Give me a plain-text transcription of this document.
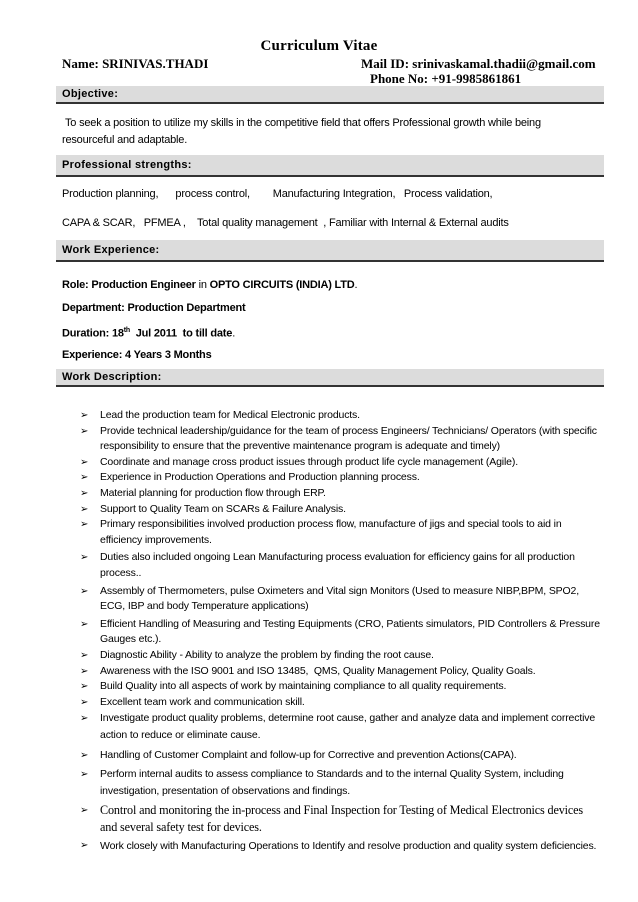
Curriculum Vitae
Name: SRINIVAS.THADI	Mail ID: srinivaskamal.thadii@gmail.com
Phone No: +91-9985861861
Objective:
To seek a position to utilize my skills in the competitive field that offers Professional growth while being
resourceful and adaptable.
Professional strengths:
Production planning,      process control,        Manufacturing Integration,   Process validation,
CAPA & SCAR,   PFMEA ,    Total quality management  , Familiar with Internal & External audits
Work Experience:
Role: Production Engineer in OPTO CIRCUITS (INDIA) LTD.
Department: Production Department
Duration: 18th  Jul 2011  to till date.
Experience: 4 Years 3 Months
Work Description:
➢ Lead the production team for Medical Electronic products.
➢ Provide technical leadership/guidance for the team of process Engineers/ Technicians/ Operators (with specific responsibility to ensure that the preventive maintenance program is adequate and timely)
➢ Coordinate and manage cross product issues through product life cycle management (Agile).
➢ Experience in Production Operations and Production planning process.
➢ Material planning for production flow through ERP.
➢ Support to Quality Team on SCARs & Failure Analysis.
➢ Primary responsibilities involved production process flow, manufacture of jigs and special tools to aid in efficiency improvements.
➢ Duties also included ongoing Lean Manufacturing process evaluation for efficiency gains for all production   process..
➢ Assembly of Thermometers, pulse Oximeters and Vital sign Monitors (Used to measure NIBP,BPM, SPO2, ECG, IBP and body Temperature applications)
➢ Efficient Handling of Measuring and Testing Equipments (CRO, Patients simulators, PID Controllers & Pressure Gauges etc.).
➢ Diagnostic Ability - Ability to analyze the problem by finding the root cause.
➢ Awareness with the ISO 9001 and ISO 13485,  QMS, Quality Management Policy, Quality Goals.
➢ Build Quality into all aspects of work by maintaining compliance to all quality requirements.
➢ Excellent team work and communication skill.
➢ Investigate product quality problems, determine root cause, gather and analyze data and implement corrective action to reduce or eliminate cause.
➢ Handling of Customer Complaint and follow-up for Corrective and prevention Actions(CAPA).
➢ Perform internal audits to assess compliance to Standards and to the internal Quality System, including investigation, presentation of observations and findings.
➢ Control and monitoring the in-process and Final Inspection for Testing of Medical Electronics devices and several safety test for devices.
➢ Work closely with Manufacturing Operations to Identify and resolve production and quality system deficiencies.
